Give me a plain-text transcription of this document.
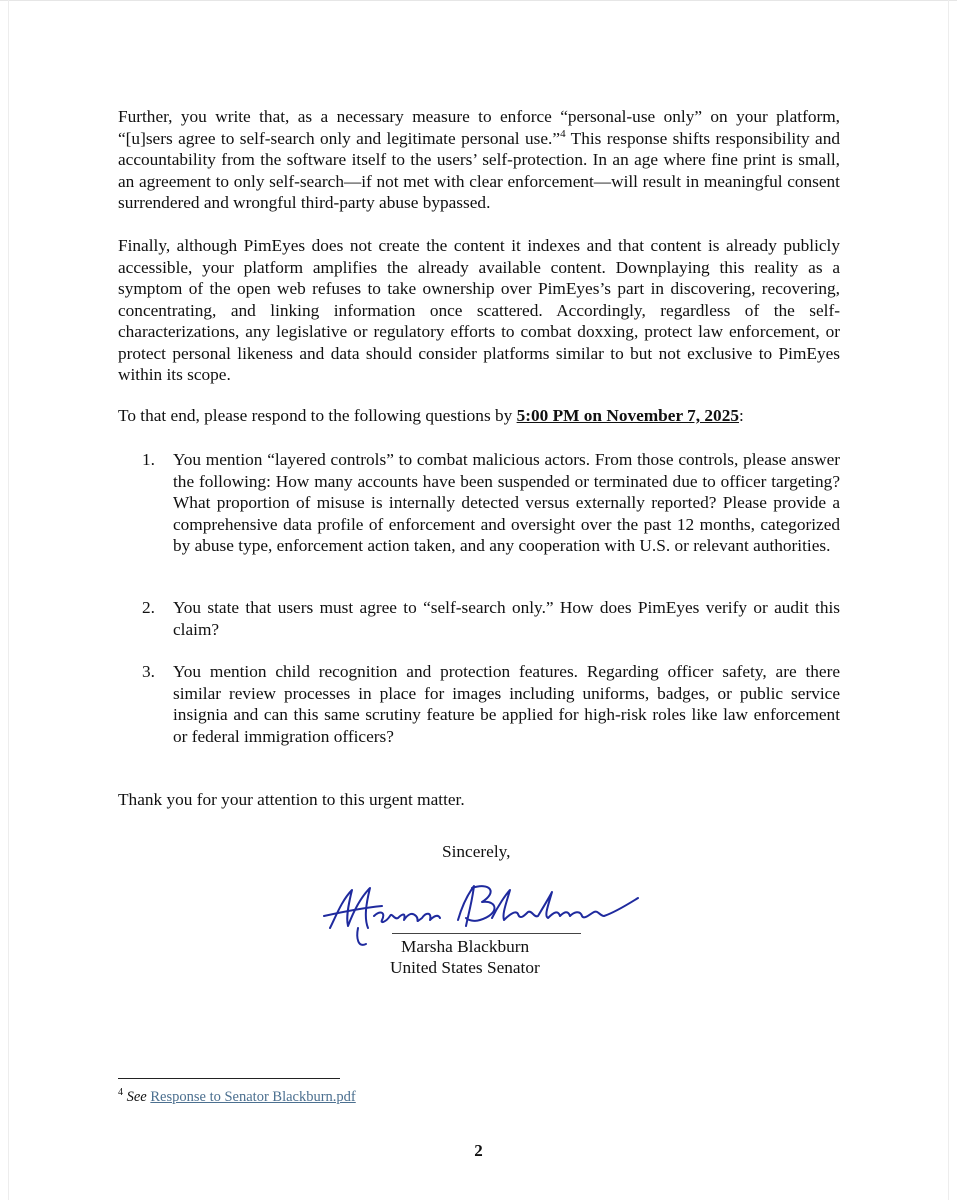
Further, you write that, as a necessary measure to enforce “personal-use only” on your platform, “[u]sers agree to self-search only and legitimate personal use.”$^4$ This response shifts responsibility and accountability from the software itself to the users’ self-protection. In an age where fine print is small, an agreement to only self-search—if not met with clear enforcement—will result in meaningful consent surrendered and wrongful third-party abuse bypassed.

Finally, although PimEyes does not create the content it indexes and that content is already publicly accessible, your platform amplifies the already available content. Downplaying this reality as a symptom of the open web refuses to take ownership over PimEyes’s part in discovering, recovering, concentrating, and linking information once scattered. Accordingly, regardless of the self-characterizations, any legislative or regulatory efforts to combat doxxing, protect law enforcement, or protect personal likeness and data should consider platforms similar to but not exclusive to PimEyes within its scope.

To that end, please respond to the following questions by 5:00 PM on November 7, 2025:

1.	You mention “layered controls” to combat malicious actors. From those controls, please answer the following: How many accounts have been suspended or terminated due to officer targeting? What proportion of misuse is internally detected versus externally reported? Please provide a comprehensive data profile of enforcement and oversight over the past 12 months, categorized by abuse type, enforcement action taken, and any cooperation with U.S. or relevant authorities.
2.	You state that users must agree to “self-search only.” How does PimEyes verify or audit this claim?
3.	You mention child recognition and protection features. Regarding officer safety, are there similar review processes in place for images including uniforms, badges, or public service insignia and can this same scrutiny feature be applied for high-risk roles like law enforcement or federal immigration officers?

Thank you for your attention to this urgent matter.

Sincerely,
Marsha Blackburn
United States Senator
$^4$ See Response to Senator Blackburn.pdf
2
